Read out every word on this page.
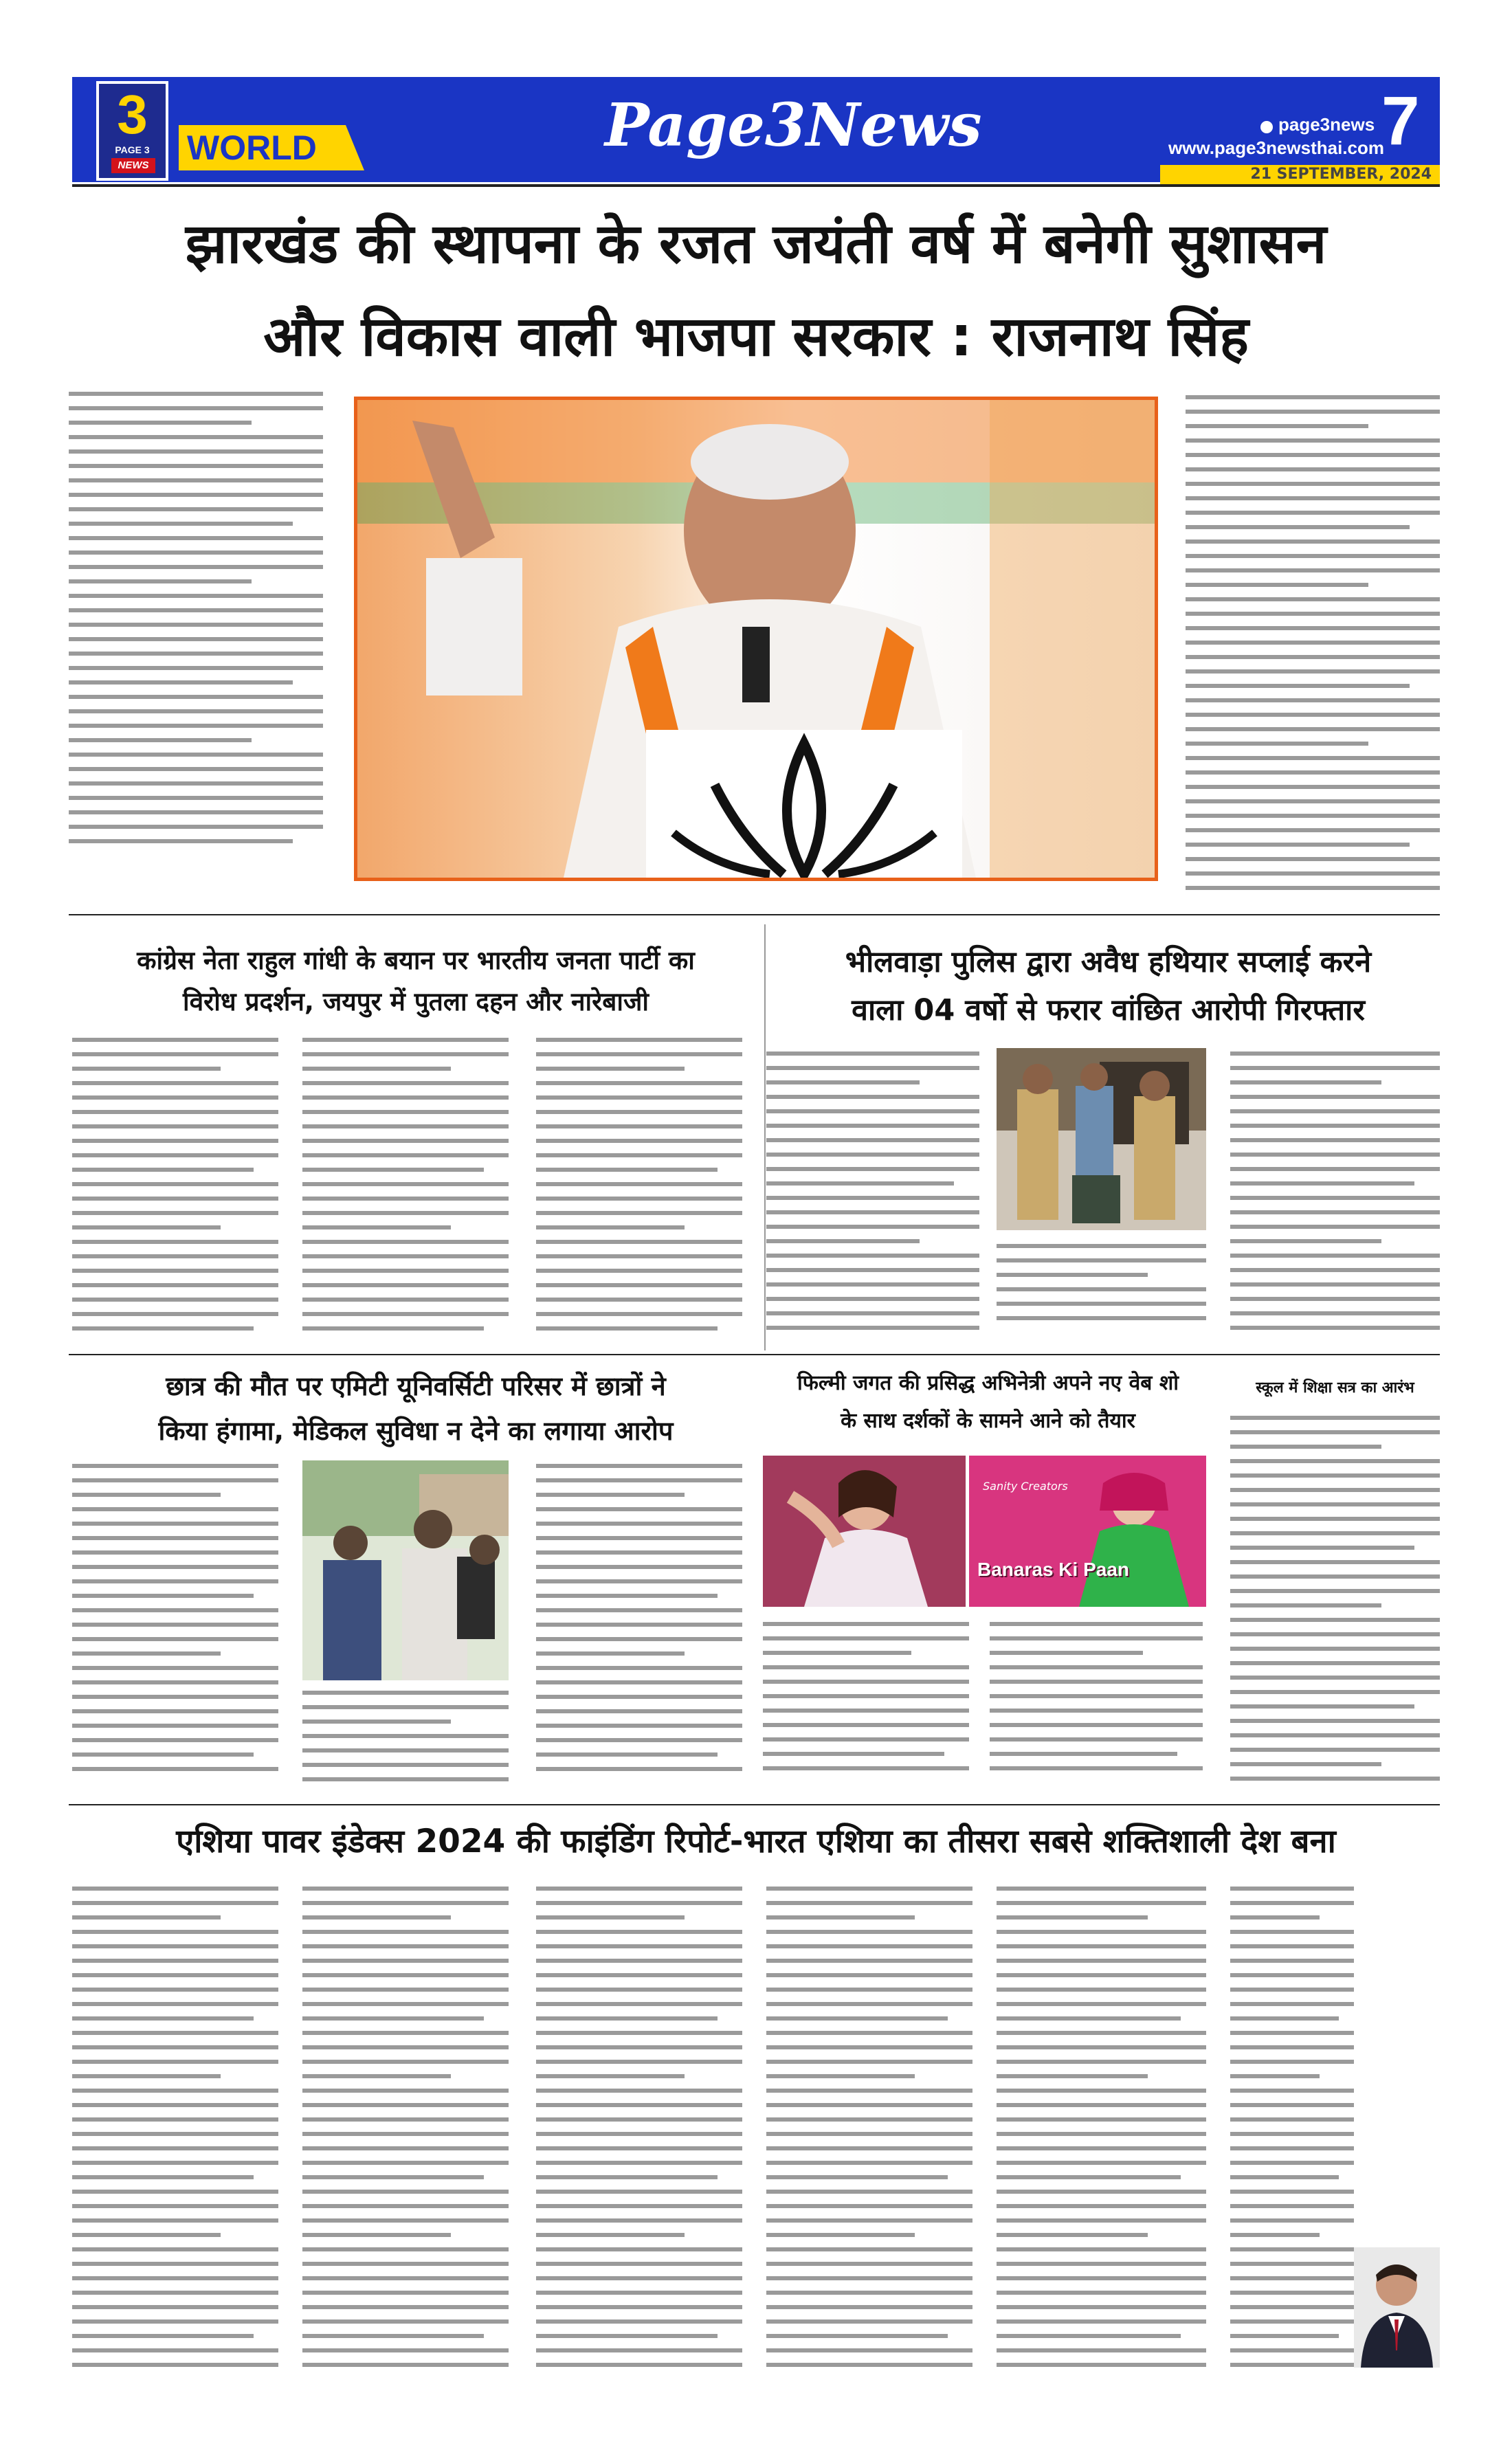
3
PAGE 3
NEWS WORLD	Page3News	page3news
www.page3newsthai.com
7
21 SEPTEMBER, 2024
झारखंड की स्थापना के रजत जयंती वर्ष में बनेगी सुशासन
और विकास वाली भाजपा सरकार : राजनाथ सिंह
कांग्रेस नेता राहुल गांधी के बयान पर भारतीय जनता पार्टी का
विरोध प्रदर्शन, जयपुर में पुतला दहन और नारेबाजी
भीलवाड़ा पुलिस द्वारा अवैध हथियार सप्लाई करने
वाला 04 वर्षो से फरार वांछित आरोपी गिरफ्तार
छात्र की मौत पर एमिटी यूनिवर्सिटी परिसर में छात्रों ने
किया हंगामा, मेडिकल सुविधा न देने का लगाया आरोप
फिल्मी जगत की प्रसिद्ध अभिनेत्री अपने नए वेब शो
के साथ दर्शकों के सामने आने को तैयार
Sanity Creators
Banaras Ki Paan
स्कूल में शिक्षा सत्र का आरंभ
एशिया पावर इंडेक्स 2024 की फाइंडिंग रिपोर्ट-भारत एशिया का तीसरा सबसे शक्तिशाली देश बना
